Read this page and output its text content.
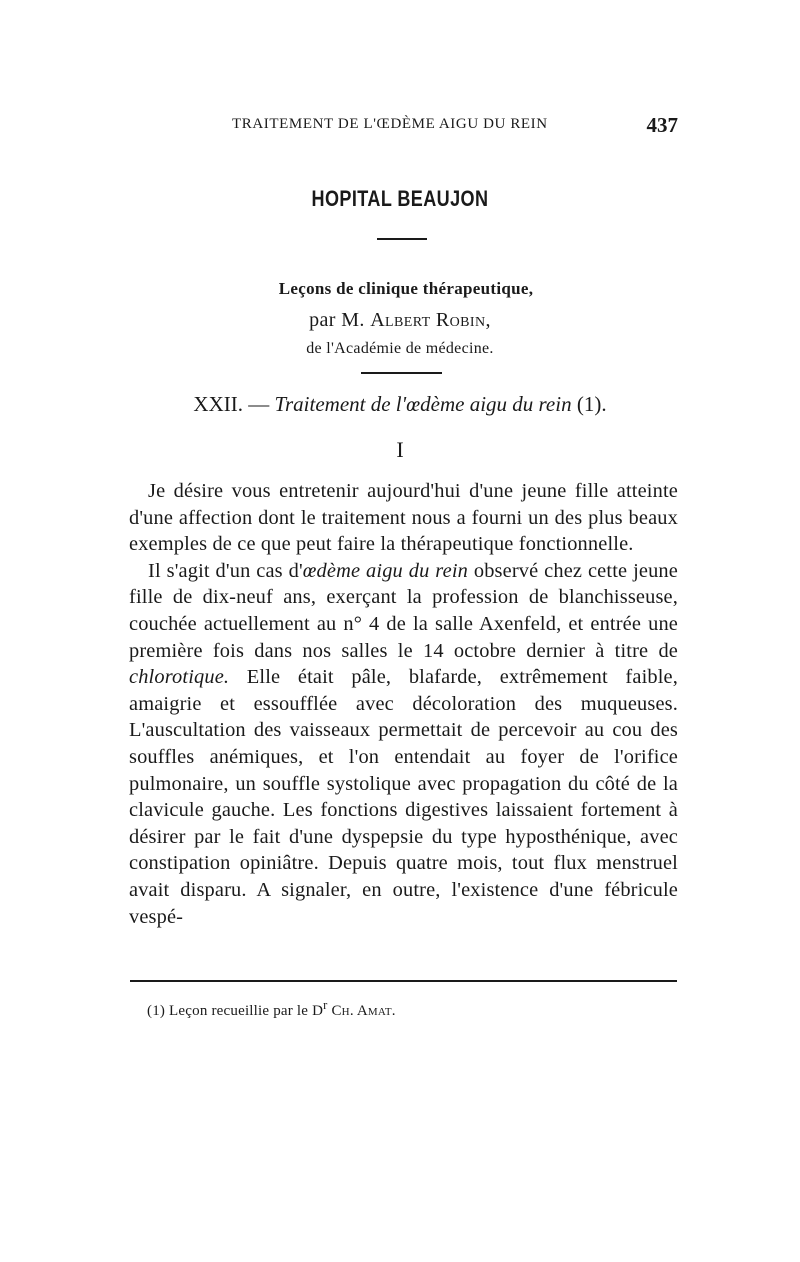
TRAITEMENT DE L'ŒDÈME AIGU DU REIN	437
HOPITAL BEAUJON
Leçons de clinique thérapeutique,
par M. Albert Robin,
de l'Académie de médecine.
XXII. — Traitement de l'œdème aigu du rein (1).
I

Je désire vous entretenir aujourd'hui d'une jeune fille atteinte d'une affection dont le traitement nous a fourni un des plus beaux exemples de ce que peut faire la thérapeutique fonctionnelle.

Il s'agit d'un cas d'œdème aigu du rein observé chez cette jeune fille de dix-neuf ans, exerçant la profession de blanchisseuse, couchée actuellement au n° 4 de la salle Axenfeld, et entrée une première fois dans nos salles le 14 octobre dernier à titre de chlorotique. Elle était pâle, blafarde, extrêmement faible, amaigrie et essoufflée avec décoloration des muqueuses. L'auscultation des vaisseaux permettait de percevoir au cou des souffles anémiques, et l'on entendait au foyer de l'orifice pulmonaire, un souffle systolique avec propagation du côté de la clavicule gauche. Les fonctions digestives laissaient fortement à désirer par le fait d'une dyspepsie du type hyposthénique, avec constipation opiniâtre. Depuis quatre mois, tout flux menstruel avait disparu. A signaler, en outre, l'existence d'une fébricule vespé-

(1) Leçon recueillie par le $D^r$ Ch. Amat.
